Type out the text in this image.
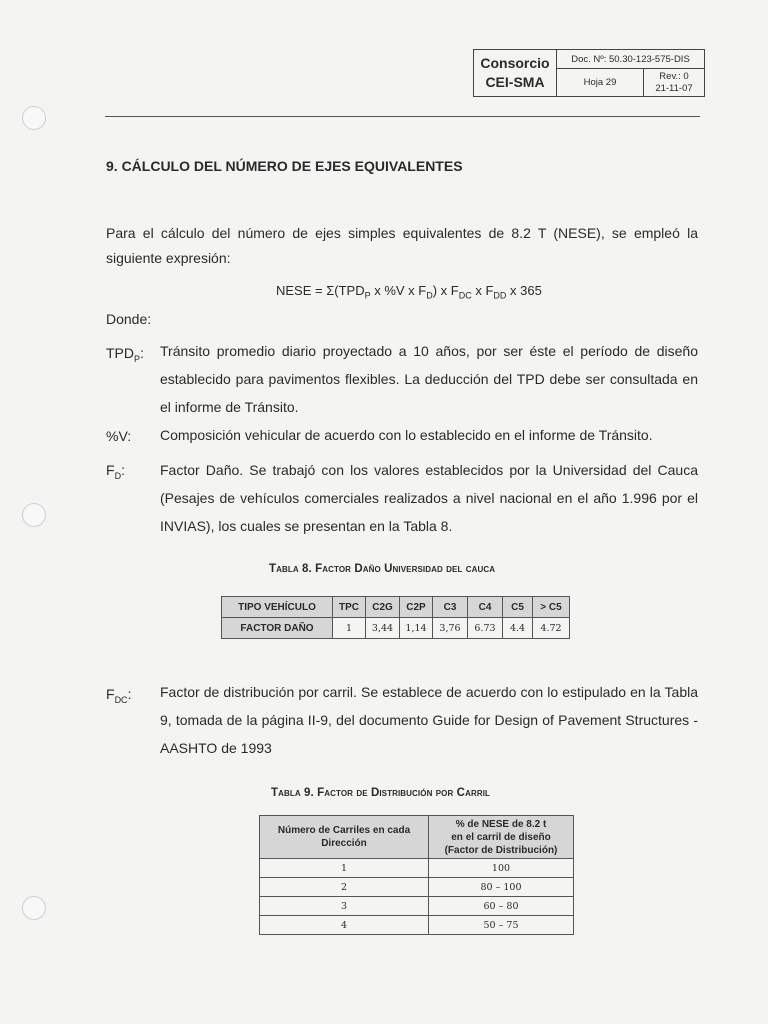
Consorcio
CEI-SMA	Doc. Nº: 50.30-123-575-DIS	
	Hoja 29	Rev.: 0
21-11-07
9. CÁLCULO DEL NÚMERO DE EJES EQUIVALENTES
Para el cálculo del número de ejes simples equivalentes de 8.2 T (NESE), se empleó la siguiente expresión:
NESE = $\Sigma(TPD_P$ x %V x $F_D$) x $F_{DC}$ x $F_{DD}$ x 365
Donde:
$TPD_P$: Tránsito promedio diario proyectado a 10 años, por ser éste el período de diseño establecido para pavimentos flexibles. La deducción del TPD debe ser consultada en el informe de Tránsito.
%V: Composición vehicular de acuerdo con lo establecido en el informe de Tránsito.
$F_D$:	Factor Daño. Se trabajó con los valores establecidos por la Universidad del Cauca (Pesajes de vehículos comerciales realizados a nivel nacional en el año 1.996 por el INVIAS), los cuales se presentan en la Tabla 8.
Tabla 8. Factor Daño Universidad del cauca
TIPO VEHÍCULO	TPC	C2G	C2P	C3	C4	C5	> C5
FACTOR DAÑO	1	3,44	1,14	3,76	6.73	4.4	4.72
$F_{DC}$: Factor de distribución por carril. Se establece de acuerdo con lo estipulado en la Tabla 9, tomada de la página II-9, del documento Guide for Design of Pavement Structures - AASHTO de 1993
Tabla 9. Factor de Distribución por Carril
Número de Carriles en cada Dirección	% de NESE de 8.2 t
en el carril de diseño
(Factor de Distribución)

1	100
2	80 – 100
3	60 – 80
4	50 – 75
